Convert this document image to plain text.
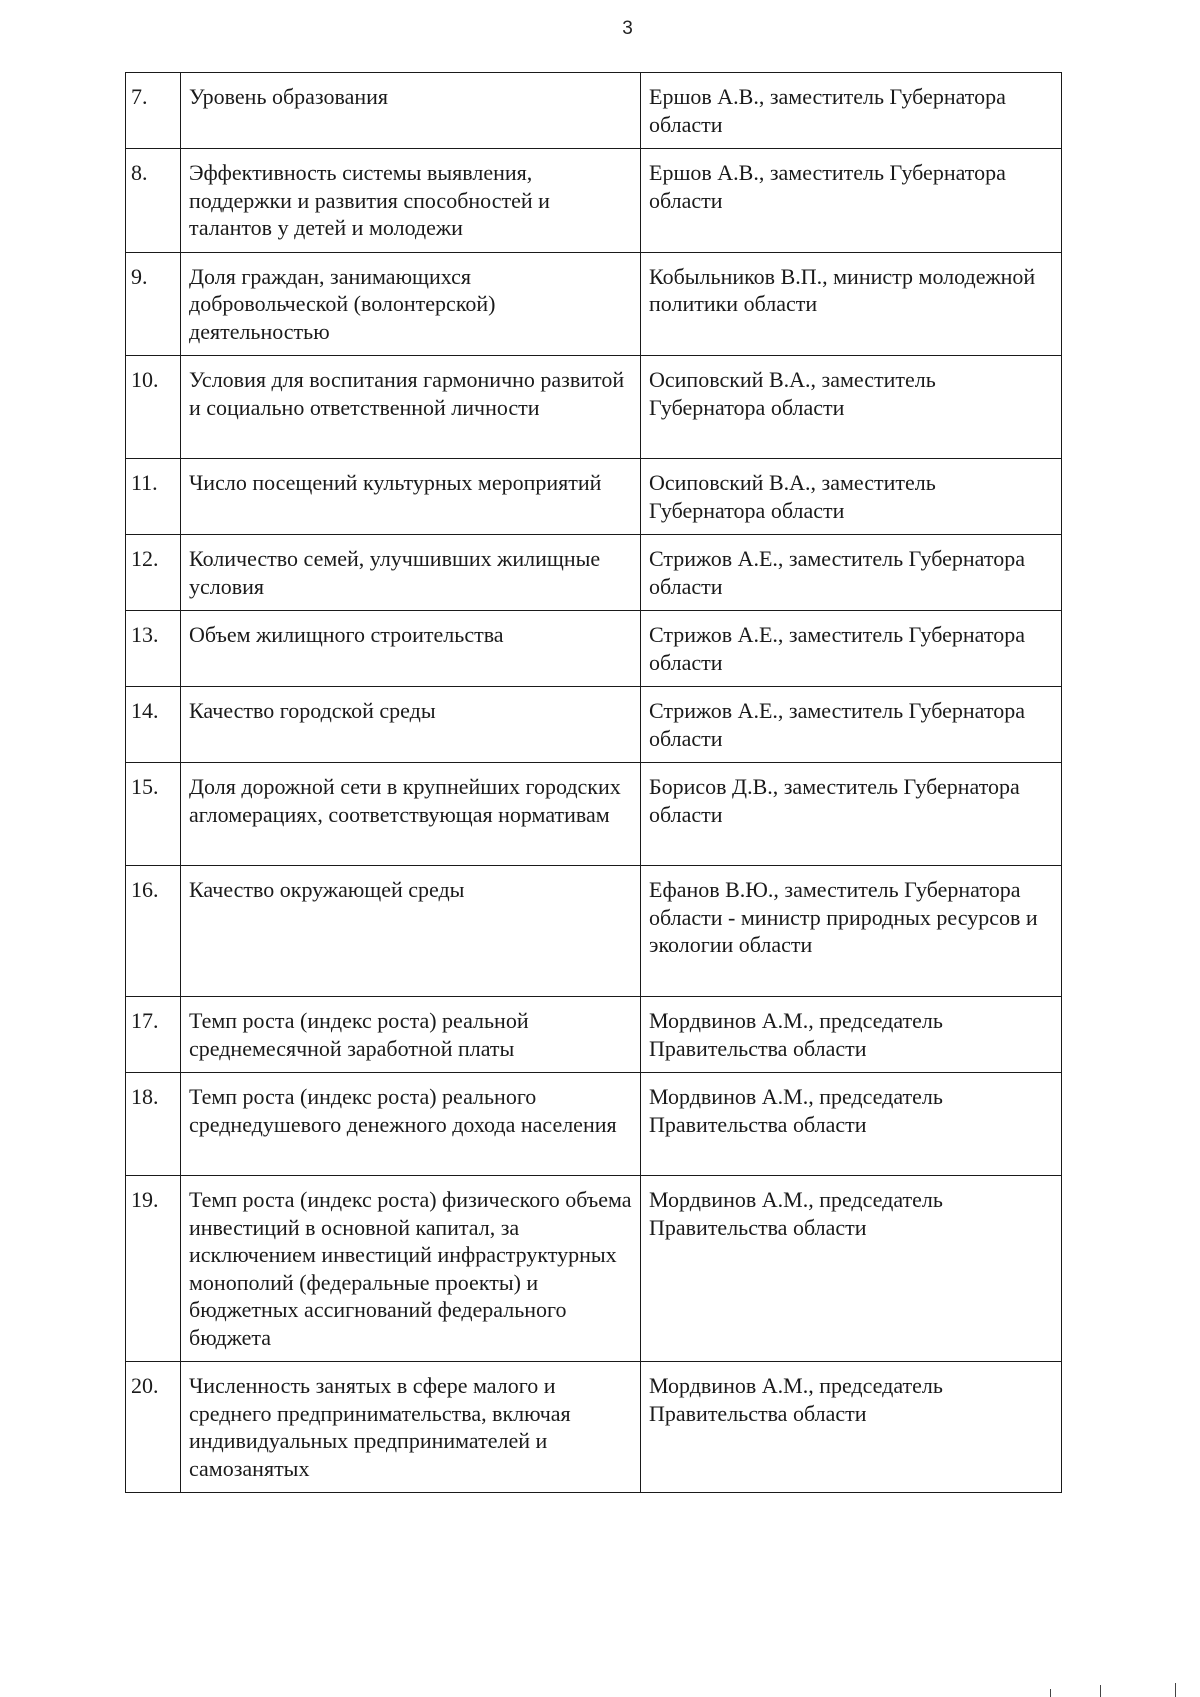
3
7.	Уровень образования	Ершов А.В., заместитель Губернатора области
8.	Эффективность системы выявления, поддержки и развития способностей и талантов у детей и молодежи	Ершов А.В., заместитель Губернатора области
9.	Доля граждан, занимающихся добровольческой (волонтерской) деятельностью	Кобыльников В.П., министр молодежной политики области
10.	Условия для воспитания гармонично развитой и социально ответственной личности	Осиповский В.А., заместитель Губернатора области
11.	Число посещений культурных мероприятий	Осиповский В.А., заместитель Губернатора области
12.	Количество семей, улучшивших жилищные условия	Стрижов А.Е., заместитель Губернатора области
13.	Объем жилищного строительства	Стрижов А.Е., заместитель Губернатора области
14.	Качество городской среды	Стрижов А.Е., заместитель Губернатора области
15.	Доля дорожной сети в крупнейших городских агломерациях, соответствующая нормативам	Борисов Д.В., заместитель Губернатора области
16.	Качество окружающей среды	Ефанов В.Ю., заместитель Губернатора области - министр природных ресурсов и экологии области
17.	Темп роста (индекс роста) реальной среднемесячной заработной платы	Мордвинов А.М., председатель Правительства области
18.	Темп роста (индекс роста) реального среднедушевого денежного дохода населения	Мордвинов А.М., председатель Правительства области
19.	Темп роста (индекс роста) физического объема инвестиций в основной капитал, за исключением инвестиций инфраструктурных монополий (федеральные проекты) и бюджетных ассигнований федерального бюджета	Мордвинов А.М., председатель Правительства области
20.	Численность занятых в сфере малого и среднего предпринимательства, включая индивидуальных предпринимателей и самозанятых	Мордвинов А.М., председатель Правительства области
